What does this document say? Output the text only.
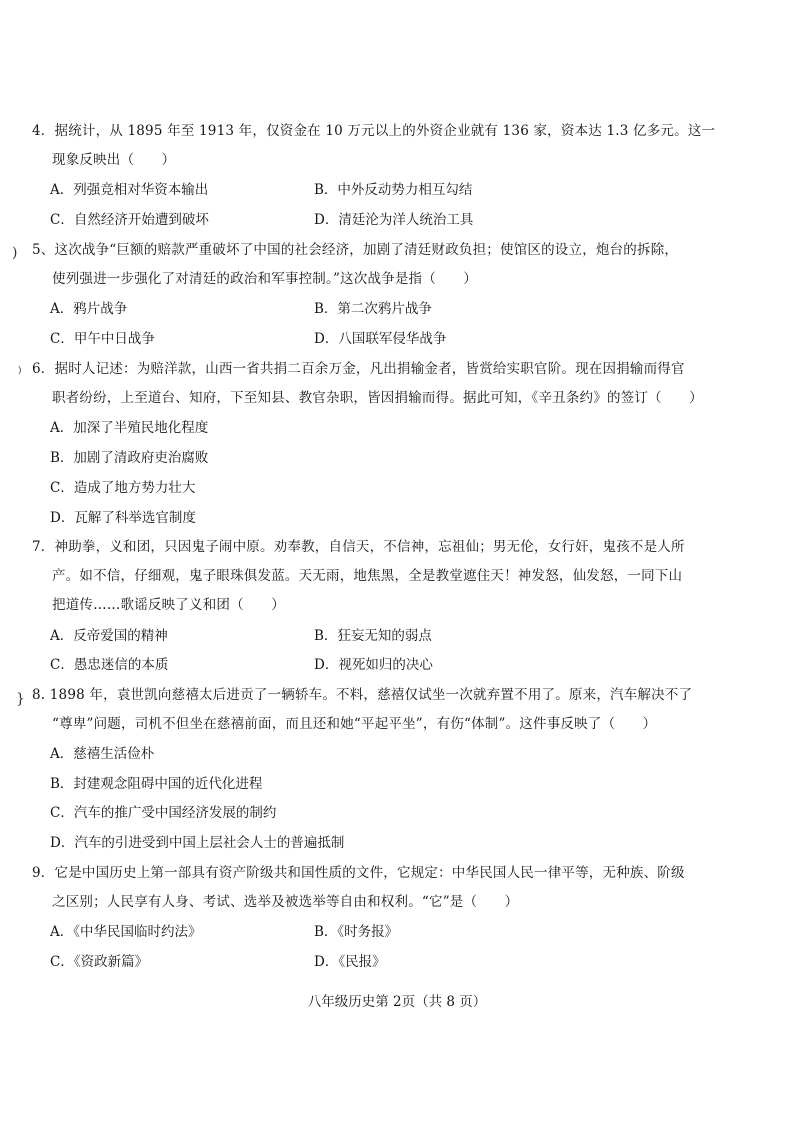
)
)
}
4．据统计，从 1895 年至 1913 年，仅资金在 10 万元以上的外资企业就有 136 家，资本达 1.3 亿多元。这一
现象反映出（　　）
A．列强竞相对华资本输出	B．中外反动势力相互勾结
C．自然经济开始遭到破坏	D．清廷沦为洋人统治工具
5、这次战争“巨额的赔款严重破坏了中国的社会经济，加剧了清廷财政负担；使馆区的设立，炮台的拆除，
使列强进一步强化了对清廷的政治和军事控制。”这次战争是指（　　）
A．鸦片战争	B．第二次鸦片战争
C．甲午中日战争	D．八国联军侵华战争
6．据时人记述：为赔洋款，山西一省共捐二百余万金，凡出捐输金者，皆赏给实职官阶。现在因捐输而得官
职者纷纷，上至道台、知府，下至知县、教官杂职，皆因捐输而得。据此可知，《辛丑条约》的签订（　　）
A．加深了半殖民地化程度
B．加剧了清政府吏治腐败
C．造成了地方势力壮大
D．瓦解了科举选官制度
7．神助拳，义和团，只因鬼子闹中原。劝奉教，自信天，不信神，忘祖仙；男无伦，女行奸，鬼孩不是人所
产。如不信，仔细观，鬼子眼珠俱发蓝。天无雨，地焦黑，全是教堂遮住天！神发怒，仙发怒，一同下山
把道传……歌谣反映了义和团（　　）
A．反帝爱国的精神	B．狂妄无知的弱点
C．愚忠迷信的本质	D．视死如归的决心
8. 1898 年，袁世凯向慈禧太后进贡了一辆轿车。不料，慈禧仅试坐一次就弃置不用了。原来，汽车解决不了
“尊卑”问题，司机不但坐在慈禧前面，而且还和她“平起平坐”，有伤“体制”。这件事反映了（　　）
A．慈禧生活俭朴
B．封建观念阻碍中国的近代化进程
C．汽车的推广受中国经济发展的制约
D．汽车的引进受到中国上层社会人士的普遍抵制
9．它是中国历史上第一部具有资产阶级共和国性质的文件，它规定：中华民国人民一律平等，无种族、阶级
之区别；人民享有人身、考试、选举及被选举等自由和权利。“它”是（　　）
A．《中华民国临时约法》	B．《时务报》
C．《资政新篇》	D．《民报》
八年级历史第 2页（共 8 页）
